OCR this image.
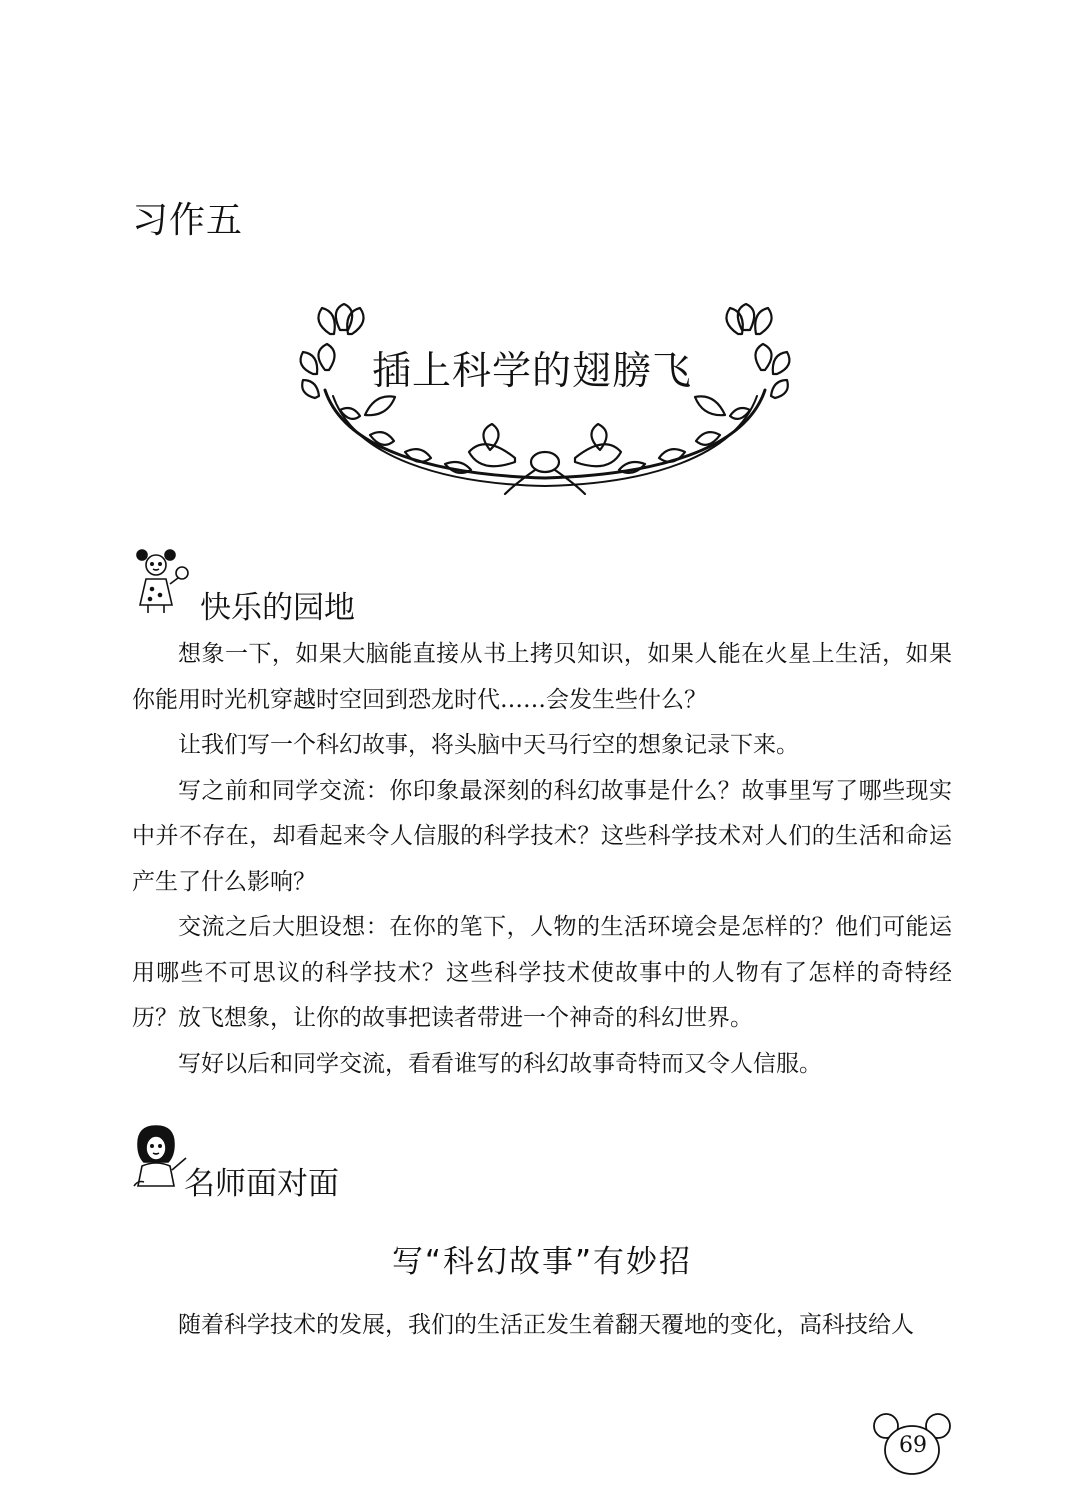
习作五
插上科学的翅膀飞
快乐的园地

想象一下，如果大脑能直接从书上拷贝知识，如果人能在火星上生活，如果你能用时光机穿越时空回到恐龙时代……会发生些什么？

让我们写一个科幻故事，将头脑中天马行空的想象记录下来。

写之前和同学交流：你印象最深刻的科幻故事是什么？故事里写了哪些现实中并不存在，却看起来令人信服的科学技术？这些科学技术对人们的生活和命运产生了什么影响？

交流之后大胆设想：在你的笔下，人物的生活环境会是怎样的？他们可能运用哪些不可思议的科学技术？这些科学技术使故事中的人物有了怎样的奇特经历？放飞想象，让你的故事把读者带进一个神奇的科幻世界。

写好以后和同学交流，看看谁写的科幻故事奇特而又令人信服。

名师面对面
写“科幻故事”有妙招

随着科学技术的发展，我们的生活正发生着翻天覆地的变化，高科技给人

69
